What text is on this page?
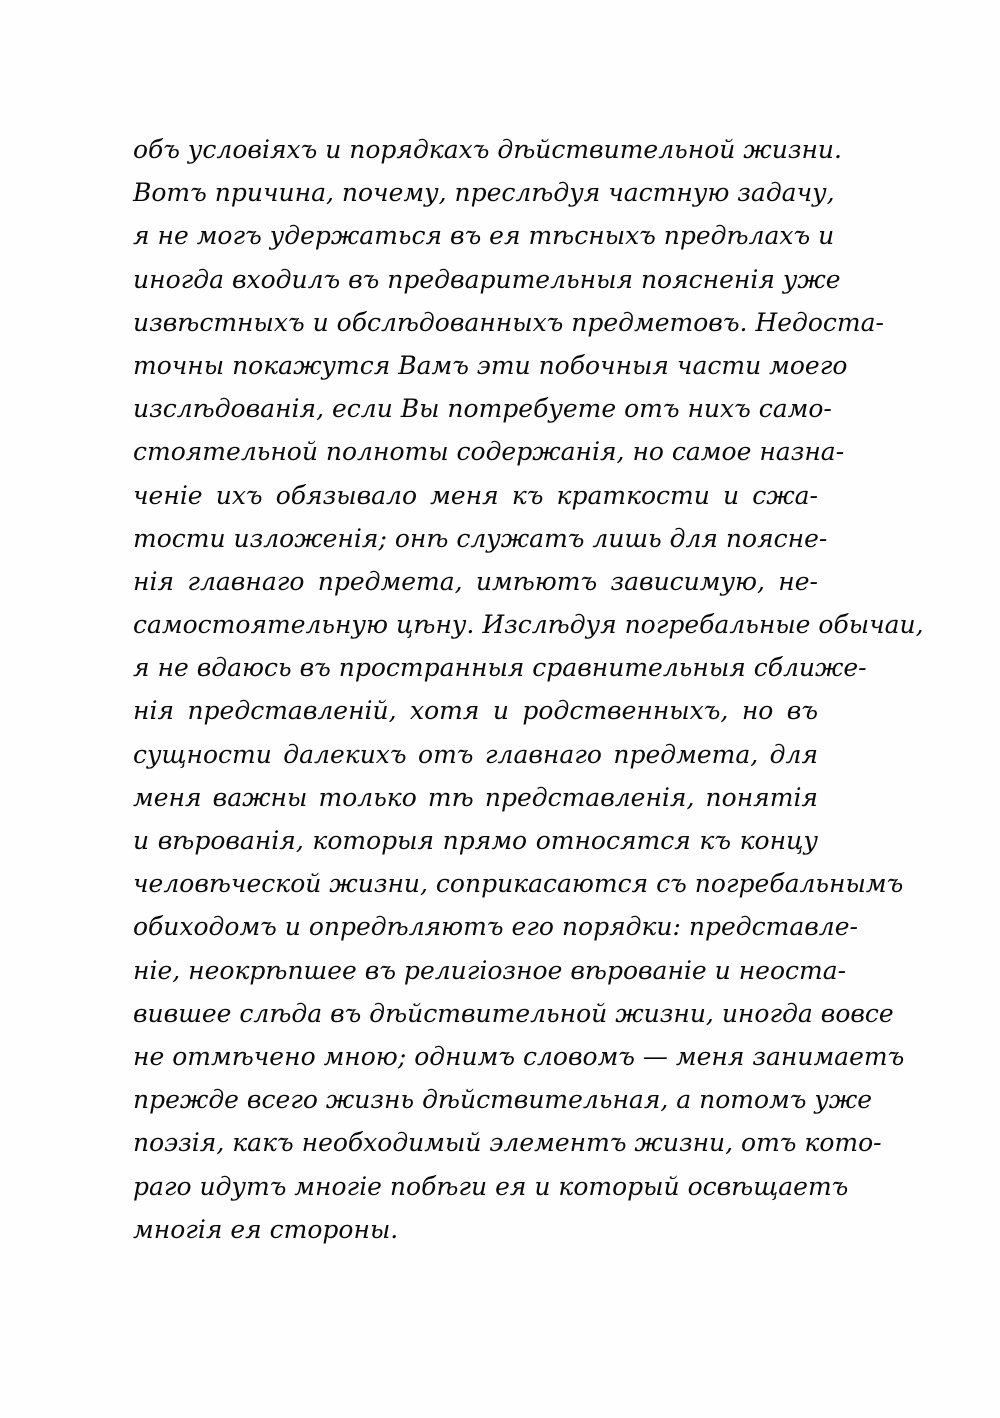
объ условіяхъ и порядкахъ дѣйствительной жизни.
Вотъ причина, почему, преслѣдуя частную задачу,
я не могъ удержаться въ ея тѣсныхъ предѣлахъ и
иногда входилъ въ предварительныя поясненія уже
извѣстныхъ и обслѣдованныхъ предметовъ. Недоста-
точны покажутся Вамъ эти побочныя части моего
изслѣдованія, если Вы потребуете отъ нихъ само-
стоятельной полноты содержанія, но самое назна-
ченіе ихъ обязывало меня къ краткости и сжа-
тости изложенія; онѣ служатъ лишь для поясне-
нія главнаго предмета, имѣютъ зависимую, не-
самостоятельную цѣну. Изслѣдуя погребальные обычаи,
я не вдаюсь въ пространныя сравнительныя сближе-
нія представленій, хотя и родственныхъ, но въ
сущности далекихъ отъ главнаго предмета, для
меня важны только тѣ представленія, понятія
и вѣрованія, которыя прямо относятся къ концу
человѣческой жизни, соприкасаются съ погребальнымъ
обиходомъ и опредѣляютъ его порядки: представле-
ніе, неокрѣпшее въ религіозное вѣрованіе и неоста-
вившее слѣда въ дѣйствительной жизни, иногда вовсе
не отмѣчено мною; однимъ словомъ — меня занимаетъ
прежде всего жизнь дѣйствительная, а потомъ уже
поэзія, какъ необходимый элементъ жизни, отъ кото-
раго идутъ многіе побѣги ея и который освѣщаетъ
многія ея стороны.
